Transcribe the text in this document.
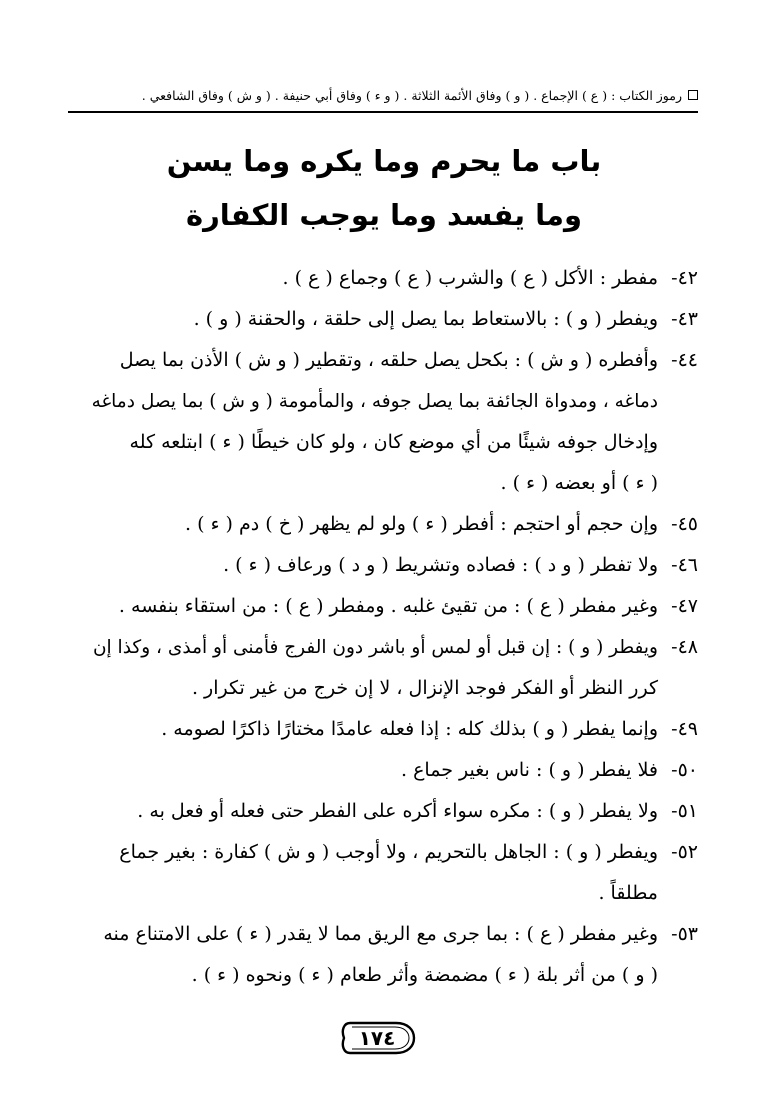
رموز الكتاب : ( ع ) الإجماع . ( و ) وفاق الأئمة الثلاثة . ( و ء ) وفاق أبي حنيفة . ( و ش ) وفاق الشافعي .
باب ما يحرم وما يكره وما يسن
وما يفسد وما يوجب الكفارة
٤٢-
مفطر : الأكل ( ع ) والشرب ( ع ) وجماع ( ع ) .
٤٣-
ويفطر ( و ) : بالاستعاط بما يصل إلى حلقة ، والحقنة ( و ) .
٤٤-
وأفطره ( و ش ) : بكحل يصل حلقه ، وتقطير ( و ش ) الأذن بما يصل
دماغه ، ومدواة الجائفة بما يصل جوفه ، والمأمومة ( و ش ) بما يصل دماغه
وإدخال جوفه شيئًا من أي موضع كان ، ولو كان خيطًا ( ء ) ابتلعه كله
( ء ) أو بعضه ( ء ) .
٤٥-
وإن حجم أو احتجم : أفطر ( ء ) ولو لم يظهر ( خ ) دم ( ء ) .
٤٦-
ولا تفطر ( و د ) : فصاده وتشريط ( و د ) ورعاف ( ء ) .
٤٧-
وغير مفطر ( ع ) : من تقيئ غلبه . ومفطر ( ع ) : من استقاء بنفسه .
٤٨-
ويفطر ( و ) : إن قبل أو لمس أو باشر دون الفرج فأمنى أو أمذى ، وكذا إن
كرر النظر أو الفكر فوجد الإنزال ، لا إن خرج من غير تكرار .
٤٩-
وإنما يفطر ( و ) بذلك كله : إذا فعله عامدًا مختارًا ذاكرًا لصومه .
٥٠-
فلا يفطر ( و ) : ناس بغير جماع .
٥١-
ولا يفطر ( و ) : مكره سواء أكره على الفطر حتى فعله أو فعل به .
٥٢-
ويفطر ( و ) : الجاهل بالتحريم ، ولا أوجب ( و ش ) كفارة : بغير جماع
مطلقاً .
٥٣-
وغير مفطر ( ع ) : بما جرى مع الريق مما لا يقدر ( ء ) على الامتناع منه
( و ) من أثر بلة ( ء ) مضمضة وأثر طعام ( ء ) ونحوه ( ء ) .
١٧٤
